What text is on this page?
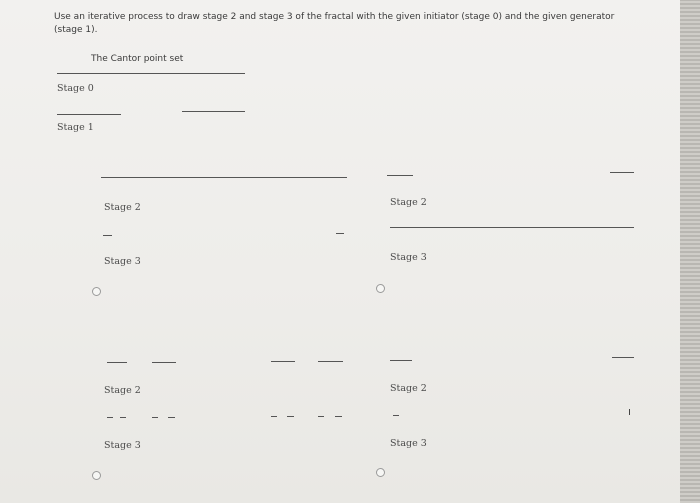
Use an iterative process to draw stage 2 and stage 3 of the fractal with the given initiator (stage 0) and the given generator
(stage 1).
The Cantor point set
Stage 0
Stage 1
Stage 2
Stage 3
Stage 2
Stage 3
Stage 2
Stage 3
Stage 2
Stage 3
